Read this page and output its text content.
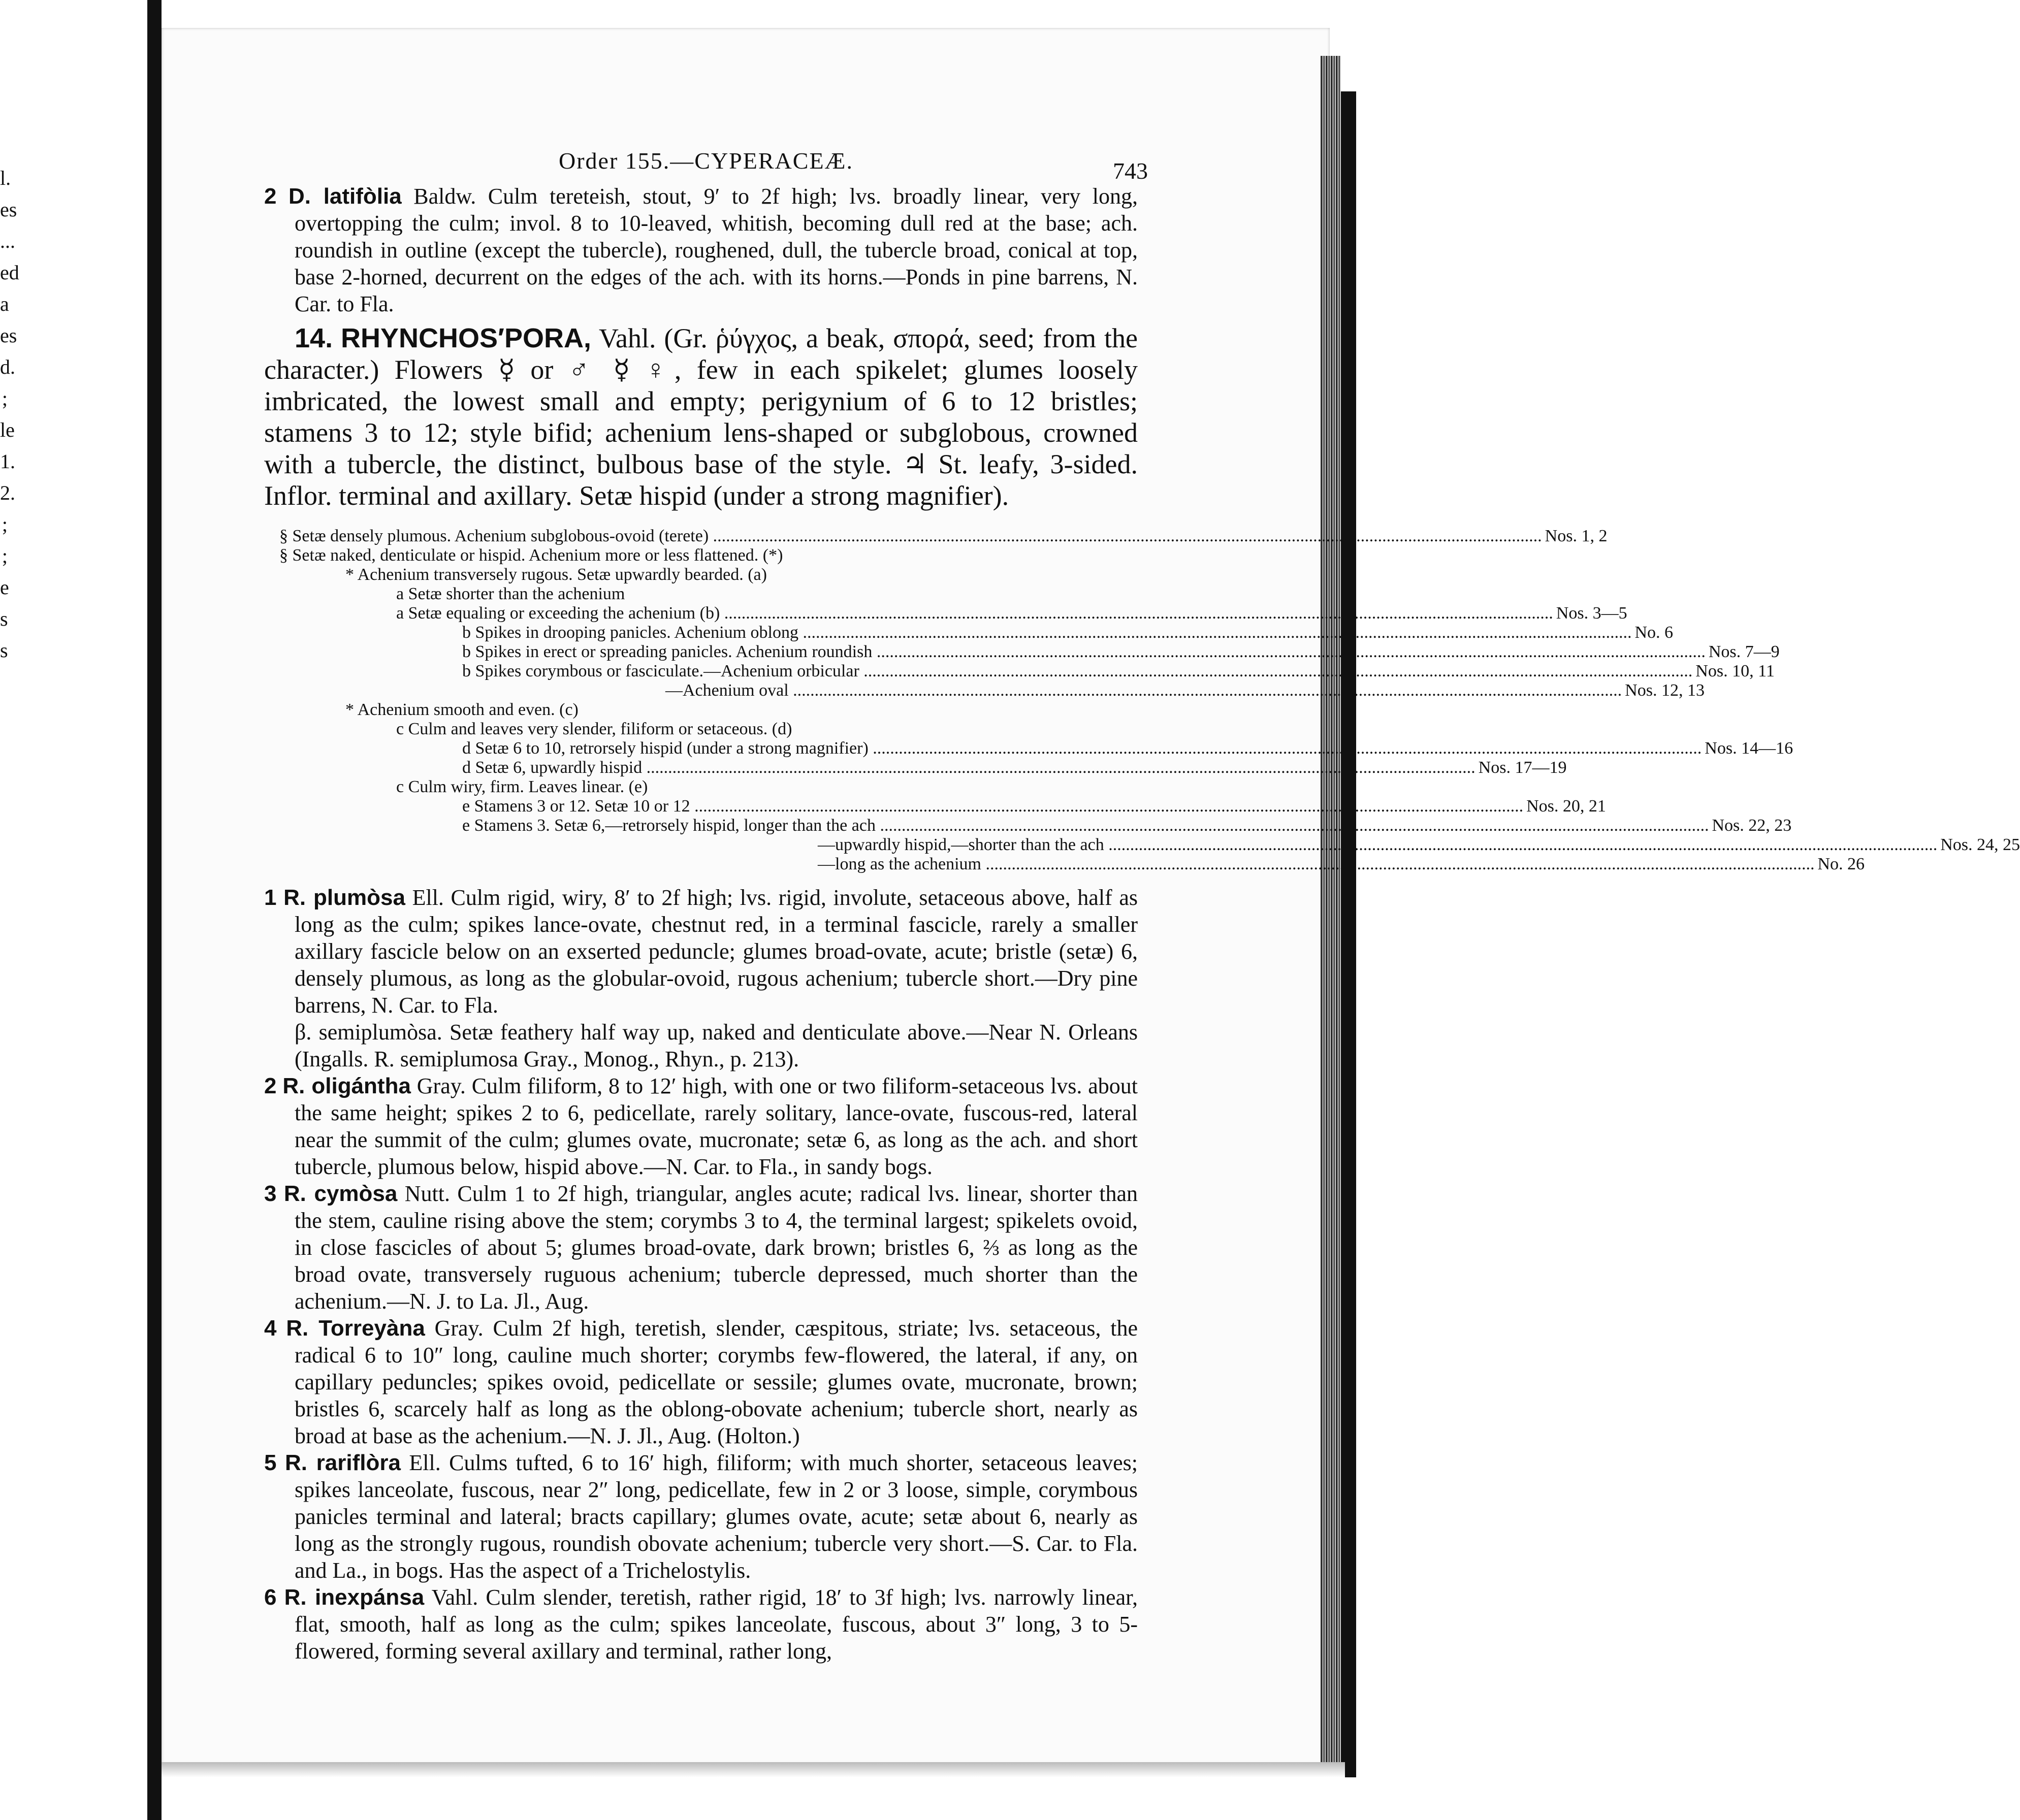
l.
es
...
ed
a
es
d.
;
le
1.
2.
;
;
e
s
s
Order 155.—CYPERACEÆ.	743

2 D. latifòlia Baldw. Culm tereteish, stout, 9′ to 2f high; lvs. broadly linear, very long, overtopping the culm; invol. 8 to 10-leaved, whitish, becoming dull red at the base; ach. roundish in outline (except the tubercle), roughened, dull, the tubercle broad, conical at top, base 2-horned, decurrent on the edges of the ach. with its horns.—Ponds in pine barrens, N. Car. to Fla.

14. RHYNCHOS′PORA, Vahl. (Gr. ῥύγχος, a beak, σπορά, seed; from the character.) Flowers ☿ or ♂ ☿ ♀, few in each spikelet; glumes loosely imbricated, the lowest small and empty; perigynium of 6 to 12 bristles; stamens 3 to 12; style bifid; achenium lens-shaped or subglobous, crowned with a tubercle, the distinct, bulbous base of the style. ♃ St. leafy, 3-sided. Inflor. terminal and axillary. Setæ hispid (under a strong magnifier).

§ Setæ densely plumous. Achenium subglobous-ovoid (terete) .....	Nos. 1, 2
§ Setæ naked, denticulate or hispid. Achenium more or less flattened. (*)
* Achenium transversely rugous. Setæ upwardly bearded. (a)
a Setæ shorter than the achenium
a Setæ equaling or exceeding the achenium (b) .....	Nos. 3—5
b Spikes in drooping panicles. Achenium oblong .....	No. 6
b Spikes in erect or spreading panicles. Achenium roundish .....	Nos. 7—9
b Spikes corymbous or fasciculate.—Achenium orbicular .....	Nos. 10, 11
—Achenium oval .....	Nos. 12, 13
* Achenium smooth and even. (c)
c Culm and leaves very slender, filiform or setaceous. (d)
d Setæ 6 to 10, retrorsely hispid (under a strong magnifier) .....	Nos. 14—16
d Setæ 6, upwardly hispid .....	Nos. 17—19
c Culm wiry, firm. Leaves linear. (e)
e Stamens 3 or 12. Setæ 10 or 12 .....	Nos. 20, 21
e Stamens 3. Setæ 6,—retrorsely hispid, longer than the ach .....	Nos. 22, 23
—upwardly hispid,—shorter than the ach .....	Nos. 24, 25
—long as the achenium .....	No. 26

1 R. plumòsa Ell. Culm rigid, wiry, 8′ to 2f high; lvs. rigid, involute, setaceous above, half as long as the culm; spikes lance-ovate, chestnut red, in a terminal fascicle, rarely a smaller axillary fascicle below on an exserted peduncle; glumes broad-ovate, acute; bristle (setæ) 6, densely plumous, as long as the globular-ovoid, rugous achenium; tubercle short.—Dry pine barrens, N. Car. to Fla.

β. semiplumòsa. Setæ feathery half way up, naked and denticulate above.—Near N. Orleans (Ingalls. R. semiplumosa Gray., Monog., Rhyn., p. 213).

2 R. oligántha Gray. Culm filiform, 8 to 12′ high, with one or two filiform-setaceous lvs. about the same height; spikes 2 to 6, pedicellate, rarely solitary, lance-ovate, fuscous-red, lateral near the summit of the culm; glumes ovate, mucronate; setæ 6, as long as the ach. and short tubercle, plumous below, hispid above.—N. Car. to Fla., in sandy bogs.

3 R. cymòsa Nutt. Culm 1 to 2f high, triangular, angles acute; radical lvs. linear, shorter than the stem, cauline rising above the stem; corymbs 3 to 4, the terminal largest; spikelets ovoid, in close fascicles of about 5; glumes broad-ovate, dark brown; bristles 6, ⅔ as long as the broad ovate, transversely ruguous achenium; tubercle depressed, much shorter than the achenium.—N. J. to La. Jl., Aug.

4 R. Torreyàna Gray. Culm 2f high, teretish, slender, cæspitous, striate; lvs. setaceous, the radical 6 to 10″ long, cauline much shorter; corymbs few-flowered, the lateral, if any, on capillary peduncles; spikes ovoid, pedicellate or sessile; glumes ovate, mucronate, brown; bristles 6, scarcely half as long as the oblong-obovate achenium; tubercle short, nearly as broad at base as the achenium.—N. J. Jl., Aug. (Holton.)

5 R. rariflòra Ell. Culms tufted, 6 to 16′ high, filiform; with much shorter, setaceous leaves; spikes lanceolate, fuscous, near 2″ long, pedicellate, few in 2 or 3 loose, simple, corymbous panicles terminal and lateral; bracts capillary; glumes ovate, acute; setæ about 6, nearly as long as the strongly rugous, roundish obovate achenium; tubercle very short.—S. Car. to Fla. and La., in bogs. Has the aspect of a Trichelostylis.

6 R. inexpánsa Vahl. Culm slender, teretish, rather rigid, 18′ to 3f high; lvs. narrowly linear, flat, smooth, half as long as the culm; spikes lanceolate, fuscous, about 3″ long, 3 to 5-flowered, forming several axillary and terminal, rather long,
